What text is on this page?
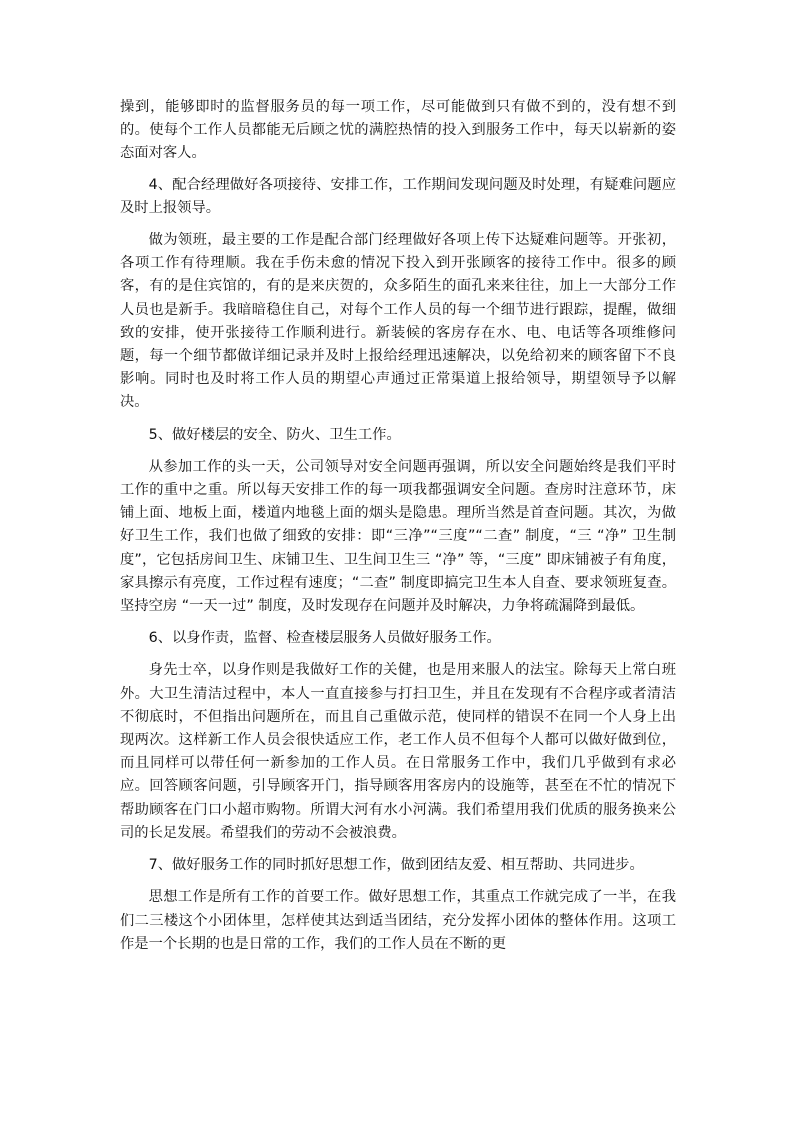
操到，能够即时的监督服务员的每一项工作，尽可能做到只有做不到的，没有想不到的。使每个工作人员都能无后顾之忧的满腔热情的投入到服务工作中，每天以崭新的姿态面对客人。

4、配合经理做好各项接待、安排工作，工作期间发现问题及时处理，有疑难问题应及时上报领导。

做为领班，最主要的工作是配合部门经理做好各项上传下达疑难问题等。开张初，各项工作有待理顺。我在手伤未愈的情况下投入到开张顾客的接待工作中。很多的顾客，有的是住宾馆的，有的是来庆贺的，众多陌生的面孔来来往往，加上一大部分工作人员也是新手。我暗暗稳住自己，对每个工作人员的每一个细节进行跟踪，提醒，做细致的安排，使开张接待工作顺利进行。新装候的客房存在水、电、电话等各项维修问题，每一个细节都做详细记录并及时上报给经理迅速解决，以免给初来的顾客留下不良影响。同时也及时将工作人员的期望心声通过正常渠道上报给领导，期望领导予以解决。

5、做好楼层的安全、防火、卫生工作。

从参加工作的头一天，公司领导对安全问题再强调，所以安全问题始终是我们平时工作的重中之重。所以每天安排工作的每一项我都强调安全问题。查房时注意环节，床铺上面、地板上面，楼道内地毯上面的烟头是隐患。理所当然是首查问题。其次，为做好卫生工作，我们也做了细致的安排：即“三净”“三度”“二查” 制度，“三 “净” 卫生制度”，它包括房间卫生、床铺卫生、卫生间卫生三 “净” 等，“三度” 即床铺被子有角度，家具擦示有亮度，工作过程有速度；“二查” 制度即搞完卫生本人自查、要求领班复查。坚持空房 “一天一过” 制度，及时发现存在问题并及时解决，力争将疏漏降到最低。

6、以身作责，监督、检查楼层服务人员做好服务工作。

身先士卒，以身作则是我做好工作的关健，也是用来服人的法宝。除每天上常白班外。大卫生清洁过程中，本人一直直接参与打扫卫生，并且在发现有不合程序或者清洁不彻底时，不但指出问题所在，而且自己重做示范，使同样的错误不在同一个人身上出现两次。这样新工作人员会很快适应工作，老工作人员不但每个人都可以做好做到位，而且同样可以带任何一新参加的工作人员。在日常服务工作中，我们几乎做到有求必应。回答顾客问题，引导顾客开门，指导顾客用客房内的设施等，甚至在不忙的情况下帮助顾客在门口小超市购物。所谓大河有水小河满。我们希望用我们优质的服务换来公司的长足发展。希望我们的劳动不会被浪费。

7、做好服务工作的同时抓好思想工作，做到团结友爱、相互帮助、共同进步。

思想工作是所有工作的首要工作。做好思想工作，其重点工作就完成了一半，在我们二三楼这个小团体里，怎样使其达到适当团结，充分发挥小团体的整体作用。这项工作是一个长期的也是日常的工作，我们的工作人员在不断的更
